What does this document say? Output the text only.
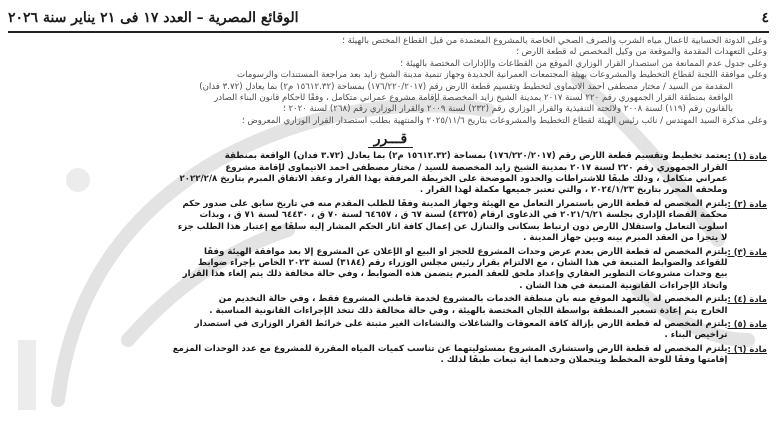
٤
الوقائع المصرية – العدد ١٧ فى ٢١ يناير سنة ٢٠٢٦
وعلى الدوتة الحسابية لأعمال مياه الشرب والصرف الصحي الخاصة بالمشروع المعتمدة من قبل القطاع المختص بالهيئة ؛
وعلى التعهدات المقدمة والموقعة من وكيل المخصص له قطعة الأرض ؛
وعلى جدول عدم الممانعة من استصدار القرار الوزاري الموقع من القطاعات والإدارات المختصة بالهيئة ؛
وعلى موافقة اللجنة لقطاع التخطيط والمشروعات بهيئة المجتمعات العمرانية الجديدة وجهاز تنمية مدينة الشيخ زايد بعد مراجعة المستندات والرسومات
المقدمة من السيد / مختار مصطفى أحمد الاتيماوى لتخطيط وتقسيم قطعة الأرض رقم (١٧٦/٢٢٠/٢٠١٧) بمساحة (١٥٦١٢.٣٢ م٢) بما يعادل (٣.٧٢ فدان)
الواقعة بمنطقة القرار الجمهوري رقم ٢٢٠ لسنة ٢٠١٧ بمدينة الشيخ زايد المخصصة لإقامة مشروع عمراني متكامل ، وفقًا لأحكام قانون البناء الصادر
بالقانون رقم (١١٩) لسنة ٢٠٠٨ ولائحته التنفيذية والقرار الوزاري رقم (٢٣٢) لسنة ٢٠٠٩ والقرار الوزاري رقم (٢٦٨) لسنة ٢٠٢٠ ؛
وعلى مذكرة السيد المهندس / نائب رئيس الهيئة لقطاع التخطيط والمشروعات بتاريخ ٢٠٢٥/١١/٦ والمنتهية بطلب استصدار القرار الوزاري المعروض ؛
قـــرر
مادة (١) :
يعتمد تخطيط وتقسيم قطعة الأرض رقم (١٧٦/٢٢٠/٢٠١٧) بمساحة (١٥٦١٢.٣٢ م٢) بما يعادل (٣.٧٢ فدان) الواقعة بمنطقة
القرار الجمهوري رقم ٢٢٠ لسنة ٢٠١٧ بمدينة الشيخ زايد المخصصة للسيد / مختار مصطفى أحمد الاتيماوى لإقامة مشروع
عمراني متكامل ، وذلك طبقًا للاشتراطات والحدود الموضحة على الخريطة المرفقة بهذا القرار وعقد الاتفاق المبرم بتاريخ ٢٠٢٢/٢/٨
وملحقه المحرر بتاريخ ٢٠٢٤/١/٢٣ ، والتي تعتبر جميعها مكملة لهذا القرار .
مادة (٢) :
يلتزم المخصص له قطعة الأرض باستمرار التعامل مع الهيئة وجهاز المدينة وفقًا للطلب المقدم منه في تاريخ سابق على صدور حكم
محكمة القضاء الإداري بجلسة ٢٠٢١/٦/٢١ في الدعاوى أرقام (٤٣٢٥) لسنة ٦٧ ق ، ٦٤٦٥٧ لسنة ٧٠ ق ، ٦٤٤٣٠ لسنة ٧١ ق ، وبذات
أسلوب التعامل واستقلال الأرض دون ارتباط بسكانى والتنازل عن إعمال كافة آثار الحكم المشار إليه سلفًا مع إعتبار هذا الطلب جزء
لا يتجزأ من العقد المبرم بينه وبين جهاز المدينة .
مادة (٣) :
يلتزم المخصص له قطعة الأرض بعدم عرض وحدات المشروع للحجز أو البيع أو الإعلان عن المشروع إلا بعد موافقة الهيئة وفقًا
للقواعد والضوابط المتبعة في هذا الشأن ، مع الالتزام بقرار رئيس مجلس الوزراء رقم (٣١٨٤) لسنة ٢٠٢٣ الخاص بإجراء ضوابط
بيع وحدات مشروعات التطوير العقاري وإعداد ملحق للعقد المبرم يتضمن هذه الضوابط ، وفي حالة مخالفة ذلك يتم إلغاء هذا القرار
واتخاذ الإجراءات القانونية المتبعة في هذا الشأن .
مادة (٤) :
يلتزم المخصص له بالتعهد الموقع منه بأن منطقة الخدمات بالمشروع لخدمة قاطني المشروع فقط ، وفي حالة التخديم من
الخارج يتم إعادة تسعير المنطقة بواسطة اللجان المختصة بالهيئة ، وفي حالة مخالفة ذلك تتخذ الإجراءات القانونية المناسبة .
مادة (٥) :
يلتزم المخصص له قطعة الأرض بإزالة كافة المعوقات والشاغلات والنشاءات الغير مثبتة على خرائط القرار الوزارى في استصدار
تراخيص البناء .
مادة (٦) :
يلتزم المخصص له قطعة الأرض واستشارى المشروع بمسئوليتهما عن تناسب كميات المياه المقررة للمشروع مع عدد الوحدات المزمع
إقامتها وفقًا للوحة المخطط ويتحملان وحدهما أية تبعات طبقًا لذلك .
